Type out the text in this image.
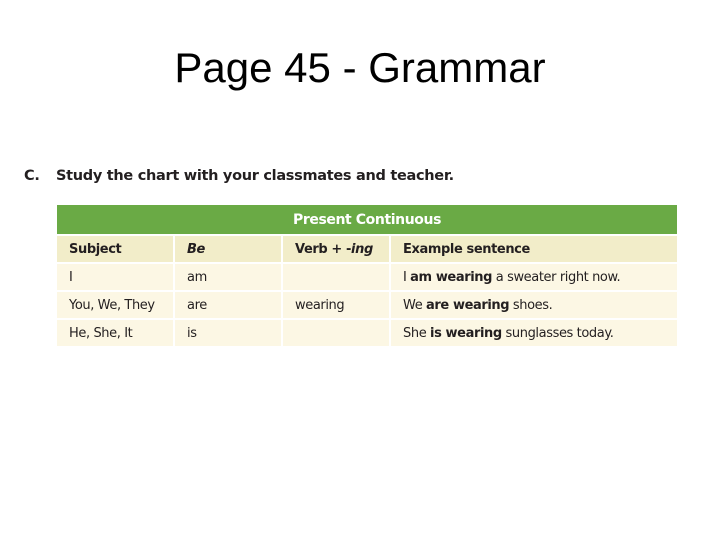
Page 45 - Grammar
C. Study the chart with your classmates and teacher.
Present Continuous			
Subject	Be	Verb + -ing	Example sentence
I	am		I am wearing a sweater right now.
You, We, They	are	wearing	We are wearing shoes.
He, She, It	is		She is wearing sunglasses today.
